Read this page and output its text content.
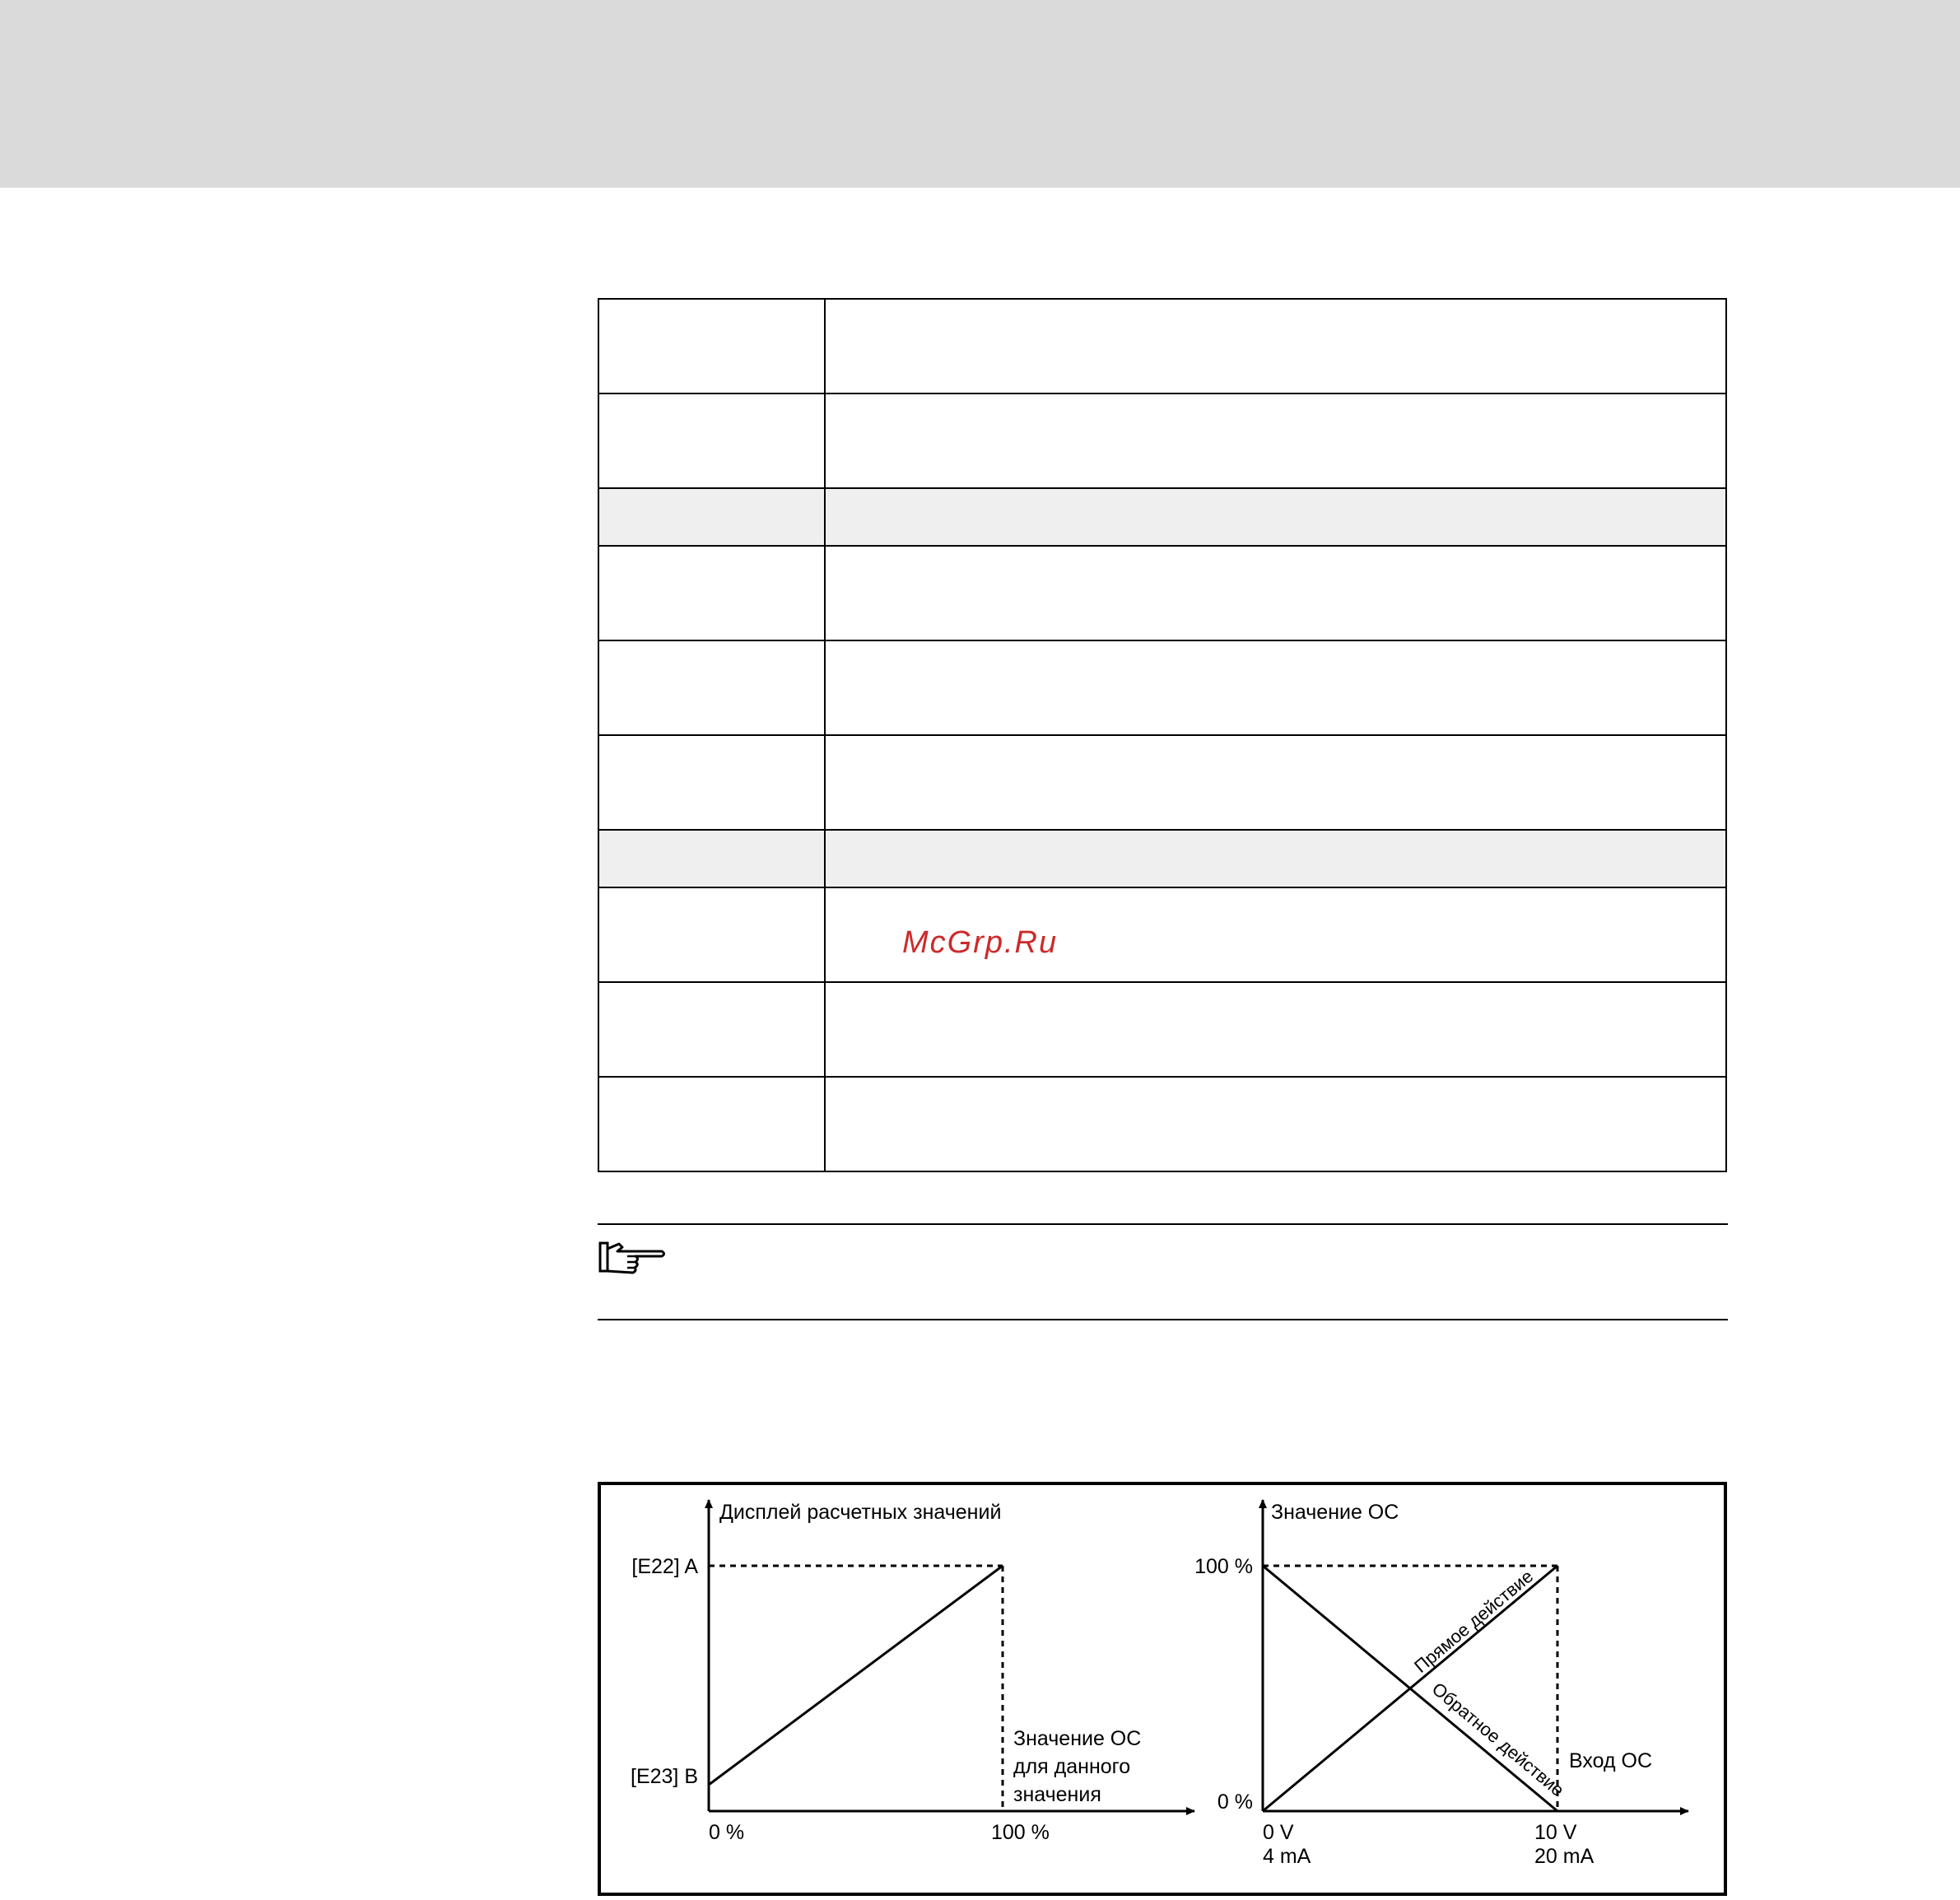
McGrp.Ru
Дисплей расчетных значений
[E22] A
[E23] B
0 %	100 %
Значение ОС
для данного
значения
Значение ОС
100 %
0 %
0 V
4 mA
10 V
20 mA
Вход ОС
Прямое действие
Обратное действие
